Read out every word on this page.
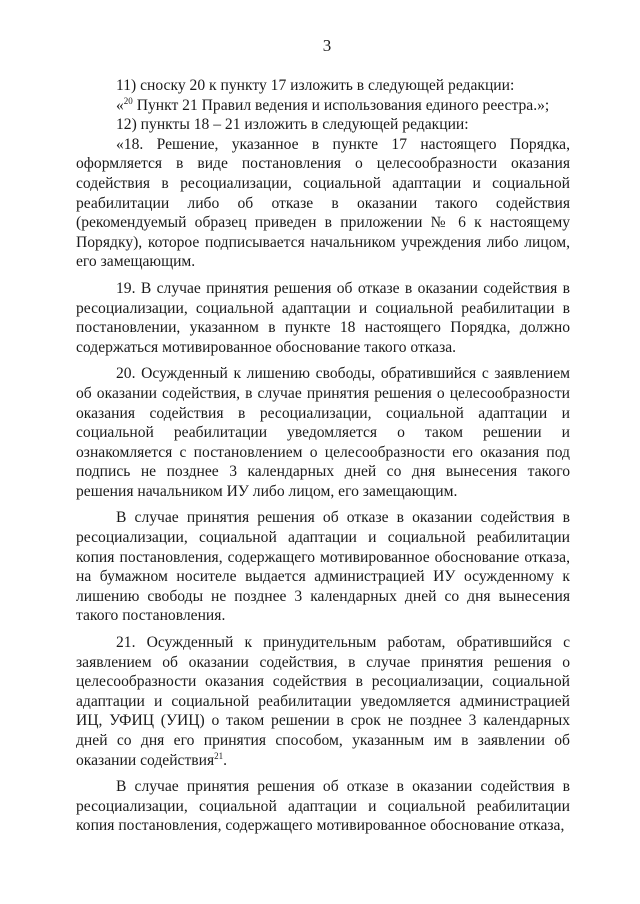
3

11) сноску 20 к пункту 17 изложить в следующей редакции:

«$^{20}$ Пункт 21 Правил ведения и использования единого реестра.»;

12) пункты 18 – 21 изложить в следующей редакции:

«18. Решение, указанное в пункте 17 настоящего Порядка, оформляется в виде постановления о целесообразности оказания содействия в ресоциализации, социальной адаптации и социальной реабилитации либо об отказе в оказании такого содействия (рекомендуемый образец приведен в приложении № 6 к настоящему Порядку), которое подписывается начальником учреждения либо лицом, его замещающим.

19. В случае принятия решения об отказе в оказании содействия в ресоциализации, социальной адаптации и социальной реабилитации в постановлении, указанном в пункте 18 настоящего Порядка, должно содержаться мотивированное обоснование такого отказа.

20. Осужденный к лишению свободы, обратившийся с заявлением об оказании содействия, в случае принятия решения о целесообразности оказания содействия в ресоциализации, социальной адаптации и социальной реабилитации уведомляется о таком решении и ознакомляется с постановлением о целесообразности его оказания под подпись не позднее 3 календарных дней со дня вынесения такого решения начальником ИУ либо лицом, его замещающим.

В случае принятия решения об отказе в оказании содействия в ресоциализации, социальной адаптации и социальной реабилитации копия постановления, содержащего мотивированное обоснование отказа, на бумажном носителе выдается администрацией ИУ осужденному к лишению свободы не позднее 3 календарных дней со дня вынесения такого постановления.

21. Осужденный к принудительным работам, обратившийся с заявлением об оказании содействия, в случае принятия решения о целесообразности оказания содействия в ресоциализации, социальной адаптации и социальной реабилитации уведомляется администрацией ИЦ, УФИЦ (УИЦ) о таком решении в срок не позднее 3 календарных дней со дня его принятия способом, указанным им в заявлении об оказании содействия$^{21}$.

В случае принятия решения об отказе в оказании содействия в ресоциализации, социальной адаптации и социальной реабилитации копия постановления, содержащего мотивированное обоснование отказа,
